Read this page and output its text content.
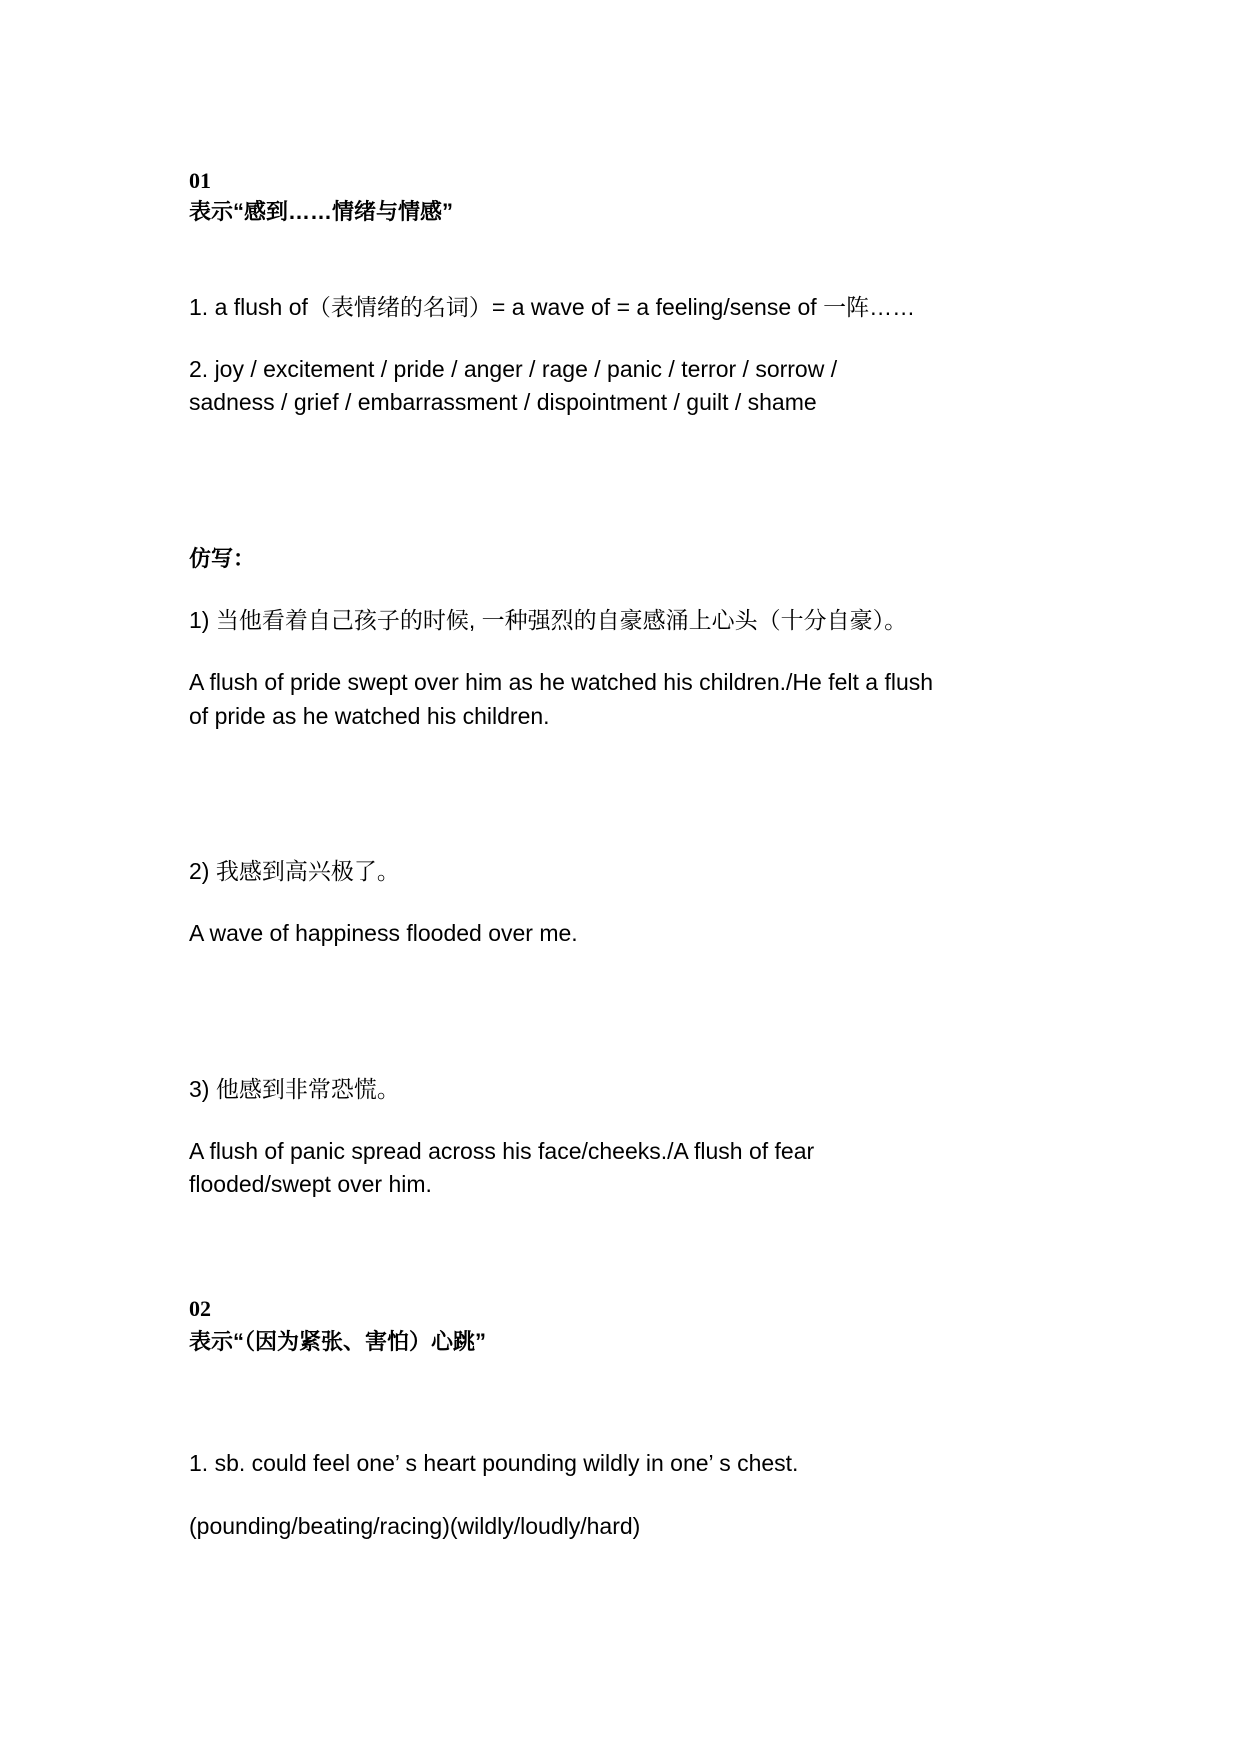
01
表示“感到……情绪与情感”
1. a flush of（表情绪的名词）= a wave of = a feeling/sense of 一阵……
2. joy / excitement / pride / anger / rage / panic / terror / sorrow /
sadness / grief / embarrassment / dispointment / guilt / shame
仿写：
1) 当他看着自己孩子的时候, 一种强烈的自豪感涌上心头（十分自豪）。
A flush of pride swept over him as he watched his children./He felt a flush
of pride as he watched his children.
2) 我感到高兴极了。
A wave of happiness flooded over me.
3) 他感到非常恐慌。
A flush of panic spread across his face/cheeks./A flush of fear
flooded/swept over him.
02
表示“（因为紧张、害怕）心跳”
1. sb. could feel one’ s heart pounding wildly in one’ s chest.
(pounding/beating/racing)(wildly/loudly/hard)
